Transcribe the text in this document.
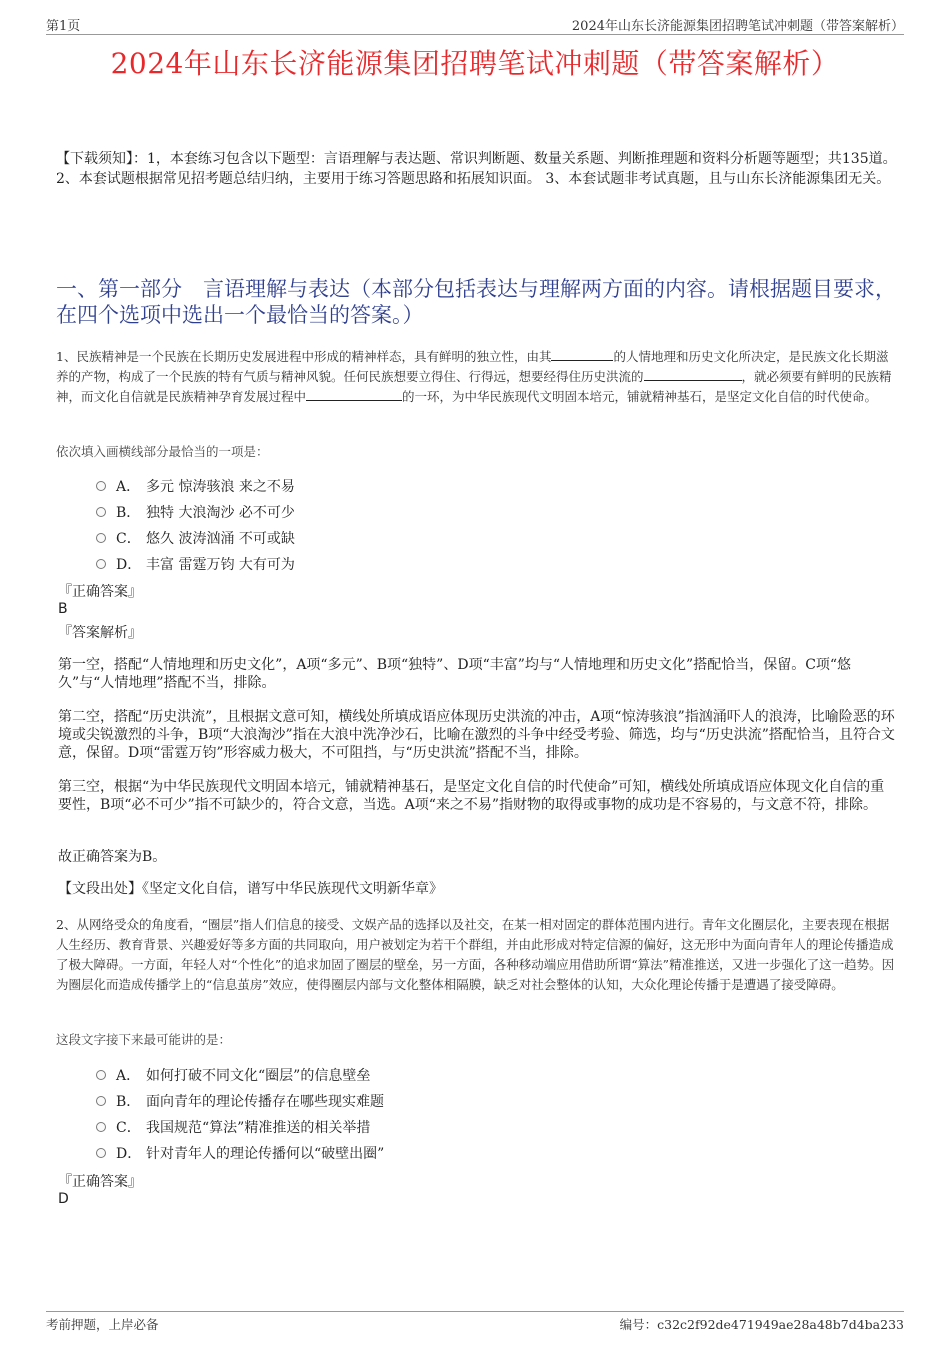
第1页	2024年山东长济能源集团招聘笔试冲刺题（带答案解析）
2024年山东长济能源集团招聘笔试冲刺题（带答案解析）
【下载须知】：1，本套练习包含以下题型：言语理解与表达题、常识判断题、数量关系题、判断推理题和资料分析题等题型；共135道。 2、本套试题根据常见招考题总结归纳，主要用于练习答题思路和拓展知识面。 3、本套试题非考试真题，且与山东长济能源集团无关。
一、第一部分　言语理解与表达（本部分包括表达与理解两方面的内容。请根据题目要求，在四个选项中选出一个最恰当的答案。）
1、民族精神是一个民族在长期历史发展进程中形成的精神样态，具有鲜明的独立性，由其	的人情地理和历史文化所决定，是民族文化长期滋养的产物，构成了一个民族的特有气质与精神风貌。任何民族想要立得住、行得远，想要经得住历史洪流的	，就必须要有鲜明的民族精神，而文化自信就是民族精神孕育发展过程中	的一环，为中华民族现代文明固本培元，铺就精神基石，是坚定文化自信的时代使命。
依次填入画横线部分最恰当的一项是：
A． 多元 惊涛骇浪 来之不易
B． 独特 大浪淘沙 必不可少
C． 悠久 波涛汹涌 不可或缺
D． 丰富 雷霆万钧 大有可为
『正确答案』
B
『答案解析』
第一空，搭配“人情地理和历史文化”，A项“多元”、B项“独特”、D项“丰富”均与“人情地理和历史文化”搭配恰当，保留。C项“悠久”与“人情地理”搭配不当，排除。
第二空，搭配“历史洪流”，且根据文意可知，横线处所填成语应体现历史洪流的冲击，A项“惊涛骇浪”指汹涌吓人的浪涛，比喻险恶的环境或尖锐激烈的斗争，B项“大浪淘沙”指在大浪中洗净沙石，比喻在激烈的斗争中经受考验、筛选，均与“历史洪流”搭配恰当，且符合文意，保留。D项“雷霆万钧”形容威力极大，不可阻挡，与“历史洪流”搭配不当，排除。
第三空，根据“为中华民族现代文明固本培元，铺就精神基石，是坚定文化自信的时代使命”可知，横线处所填成语应体现文化自信的重要性，B项“必不可少”指不可缺少的，符合文意，当选。A项“来之不易”指财物的取得或事物的成功是不容易的，与文意不符，排除。
故正确答案为B。
【文段出处】《坚定文化自信，谱写中华民族现代文明新华章》
2、从网络受众的角度看，“圈层”指人们信息的接受、文娱产品的选择以及社交，在某一相对固定的群体范围内进行。青年文化圈层化，主要表现在根据人生经历、教育背景、兴趣爱好等多方面的共同取向，用户被划定为若干个群组，并由此形成对特定信源的偏好，这无形中为面向青年人的理论传播造成了极大障碍。一方面，年轻人对“个性化”的追求加固了圈层的壁垒，另一方面，各种移动端应用借助所谓“算法”精准推送，又进一步强化了这一趋势。因为圈层化而造成传播学上的“信息茧房”效应，使得圈层内部与文化整体相隔膜，缺乏对社会整体的认知，大众化理论传播于是遭遇了接受障碍。
这段文字接下来最可能讲的是：
A． 如何打破不同文化“圈层”的信息壁垒
B． 面向青年的理论传播存在哪些现实难题
C． 我国规范“算法”精准推送的相关举措
D． 针对青年人的理论传播何以“破壁出圈”
『正确答案』
D
考前押题，上岸必备	编号：c32c2f92de471949ae28a48b7d4ba233
